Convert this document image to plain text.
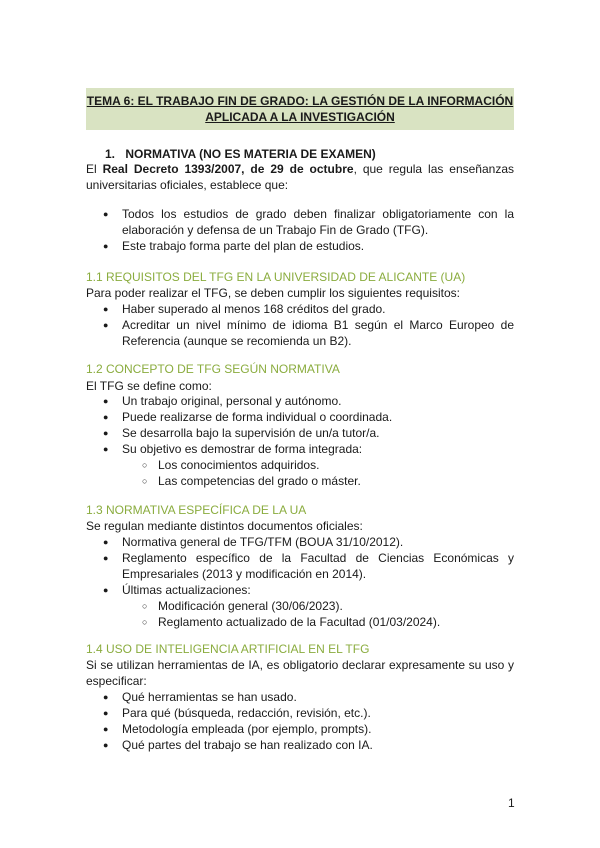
TEMA 6: EL TRABAJO FIN DE GRADO: LA GESTIÓN DE LA INFORMACIÓN
APLICADA A LA INVESTIGACIÓN
1. NORMATIVA (NO ES MATERIA DE EXAMEN)
El Real Decreto 1393/2007, de 29 de octubre, que regula las enseñanzas universitarias oficiales, establece que:
● Todos los estudios de grado deben finalizar obligatoriamente con la elaboración y defensa de un Trabajo Fin de Grado (TFG).
● Este trabajo forma parte del plan de estudios.
1.1 REQUISITOS DEL TFG EN LA UNIVERSIDAD DE ALICANTE (UA)
Para poder realizar el TFG, se deben cumplir los siguientes requisitos:
● Haber superado al menos 168 créditos del grado.
● Acreditar un nivel mínimo de idioma B1 según el Marco Europeo de Referencia (aunque se recomienda un B2).
1.2 CONCEPTO DE TFG SEGÚN NORMATIVA
El TFG se define como:
● Un trabajo original, personal y autónomo.
● Puede realizarse de forma individual o coordinada.
● Se desarrolla bajo la supervisión de un/a tutor/a.
● Su objetivo es demostrar de forma integrada:
○ Los conocimientos adquiridos.
○ Las competencias del grado o máster.
1.3 NORMATIVA ESPECÍFICA DE LA UA
Se regulan mediante distintos documentos oficiales:
● Normativa general de TFG/TFM (BOUA 31/10/2012).
● Reglamento específico de la Facultad de Ciencias Económicas y Empresariales (2013 y modificación en 2014).
● Últimas actualizaciones:
○ Modificación general (30/06/2023).
○ Reglamento actualizado de la Facultad (01/03/2024).
1.4 USO DE INTELIGENCIA ARTIFICIAL EN EL TFG
Si se utilizan herramientas de IA, es obligatorio declarar expresamente su uso y especificar:
● Qué herramientas se han usado.
● Para qué (búsqueda, redacción, revisión, etc.).
● Metodología empleada (por ejemplo, prompts).
● Qué partes del trabajo se han realizado con IA.
1
